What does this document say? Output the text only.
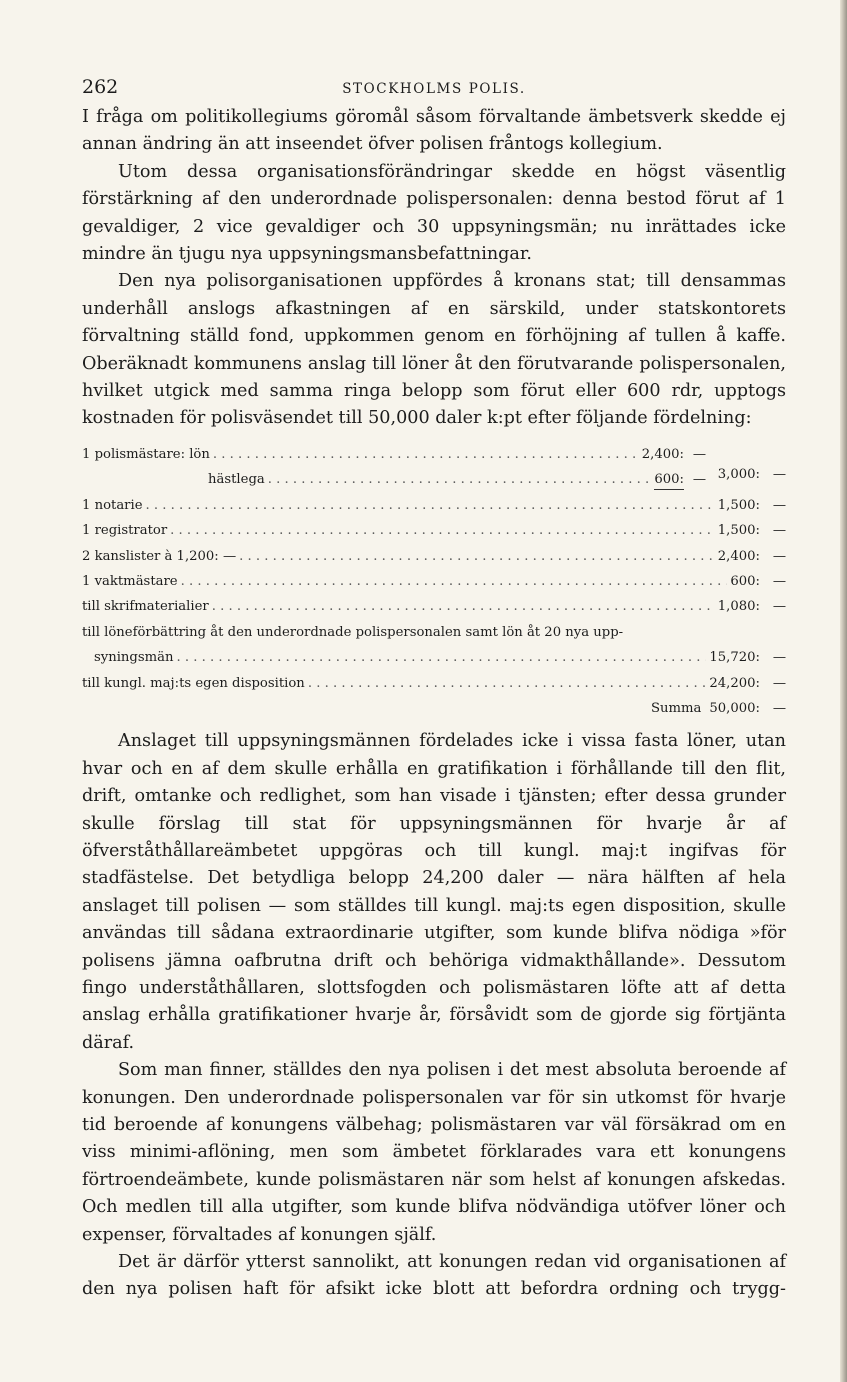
262	STOCKHOLMS POLIS.

I fråga om politikollegiums göromål såsom förvaltande ämbetsverk skedde ej annan ändring än att inseendet öfver polisen fråntogs kollegium.

Utom dessa organisationsförändringar skedde en högst väsentlig förstärkning af den underordnade polispersonalen: denna bestod förut af 1 gevaldiger, 2 vice gevaldiger och 30 uppsyningsmän; nu inrättades icke mindre än tjugu nya uppsyningsmansbefattningar.

Den nya polisorganisationen uppfördes å kronans stat; till densammas underhåll anslogs afkastningen af en särskild, under statskontorets förvaltning ställd fond, uppkommen genom en förhöjning af tullen å kaffe. Oberäknadt kommunens anslag till löner åt den förutvarande polispersonalen, hvilket utgick med samma ringa belopp som förut eller 600 rdr, upptogs kostnaden för polisväsendet till 50,000 daler k:pt efter följande fördelning:

1 polismästare: lön . . .	2,400: —
hästlega . . .	600: — 3,000: —
1 notarie . . .	1,500: —
1 registrator . . .	1,500: —
2 kanslister à 1,200: — . . .	2,400: —
1 vaktmästare . . .	600: —
till skrifmaterialier . . .	1,080: —
till löneförbättring åt den underordnade polispersonalen samt lön åt 20 nya upp-
syningsmän . . .	15,720: —
till kungl. maj:ts egen disposition . . .	24,200: —
Summa 50,000: —

Anslaget till uppsyningsmännen fördelades icke i vissa fasta löner, utan hvar och en af dem skulle erhålla en gratifikation i förhållande till den flit, drift, omtanke och redlighet, som han visade i tjänsten; efter dessa grunder skulle förslag till stat för uppsyningsmännen för hvarje år af öfverståthållareämbetet uppgöras och till kungl. maj:t ingifvas för stadfästelse. Det betydliga belopp 24,200 daler — nära hälften af hela anslaget till polisen — som ställdes till kungl. maj:ts egen disposition, skulle användas till sådana extraordinarie utgifter, som kunde blifva nödiga »för polisens jämna oafbrutna drift och behöriga vidmakthållande». Dessutom fingo underståthållaren, slottsfogden och polismästaren löfte att af detta anslag erhålla gratifikationer hvarje år, försåvidt som de gjorde sig förtjänta däraf.

Som man finner, ställdes den nya polisen i det mest absoluta beroende af konungen. Den underordnade polispersonalen var för sin utkomst för hvarje tid beroende af konungens välbehag; polismästaren var väl försäkrad om en viss minimi-aflöning, men som ämbetet förklarades vara ett konungens förtroendeämbete, kunde polismästaren när som helst af konungen afskedas. Och medlen till alla utgifter, som kunde blifva nödvändiga utöfver löner och expenser, förvaltades af konungen själf.

Det är därför ytterst sannolikt, att konungen redan vid organisationen af den nya polisen haft för afsikt icke blott att befordra ordning och trygg-
